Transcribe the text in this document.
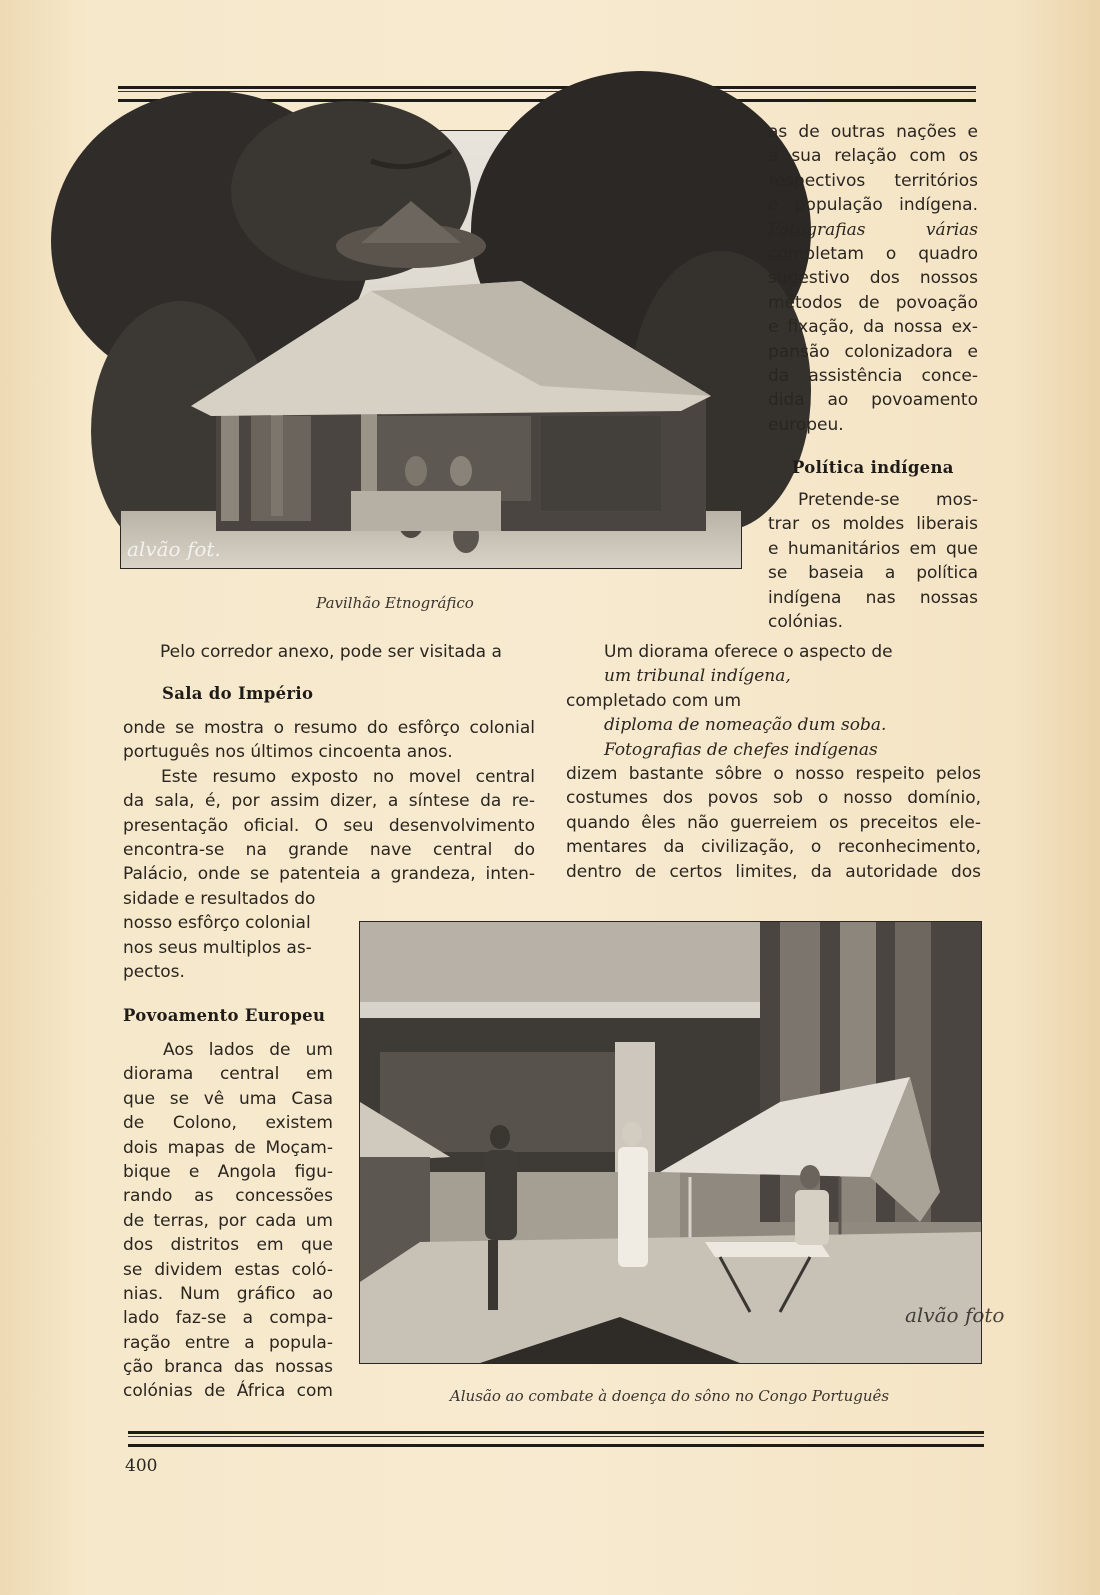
alvão fot.
Pavilhão Etnográfico
as de outras nações e
a sua relação com os
respectivos territórios
e população indígena.
Fotografias várias
completam o quadro
sugestivo dos nossos
métodos de povoação
e fixação, da nossa ex-
pansão colonizadora e
da assistência conce-
dida ao povoamento
europeu.
Política indígena
Pretende-se mos-
trar os moldes liberais
e humanitários em que
se baseia a política
indígena nas nossas
colónias.
Pelo corredor anexo, pode ser visitada a
Sala do Império
onde se mostra o resumo do esfôrço colonial
português nos últimos cincoenta anos.
Este resumo exposto no movel central
da sala, é, por assim dizer, a síntese da re-
presentação oficial. O seu desenvolvimento
encontra-se na grande nave central do
Palácio, onde se patenteia a grandeza, inten-
sidade e resultados do
nosso esfôrço colonial
nos seus multiplos as-
pectos.
Um diorama oferece o aspecto de
um tribunal indígena,
completado com um
diploma de nomeação dum soba.
Fotografias de chefes indígenas
dizem bastante sôbre o nosso respeito pelos
costumes dos povos sob o nosso domínio,
quando êles não guerreiem os preceitos ele-
mentares da civilização, o reconhecimento,
dentro de certos limites, da autoridade dos
Povoamento Europeu
Aos lados de um
diorama central em
que se vê uma Casa
de Colono, existem
dois mapas de Moçam-
bique e Angola figu-
rando as concessões
de terras, por cada um
dos distritos em que
se dividem estas coló-
nias. Num gráfico ao
lado faz-se a compa-
ração entre a popula-
ção branca das nossas
colónias de África com
alvão foto
Alusão ao combate à doença do sôno no Congo Português
400
